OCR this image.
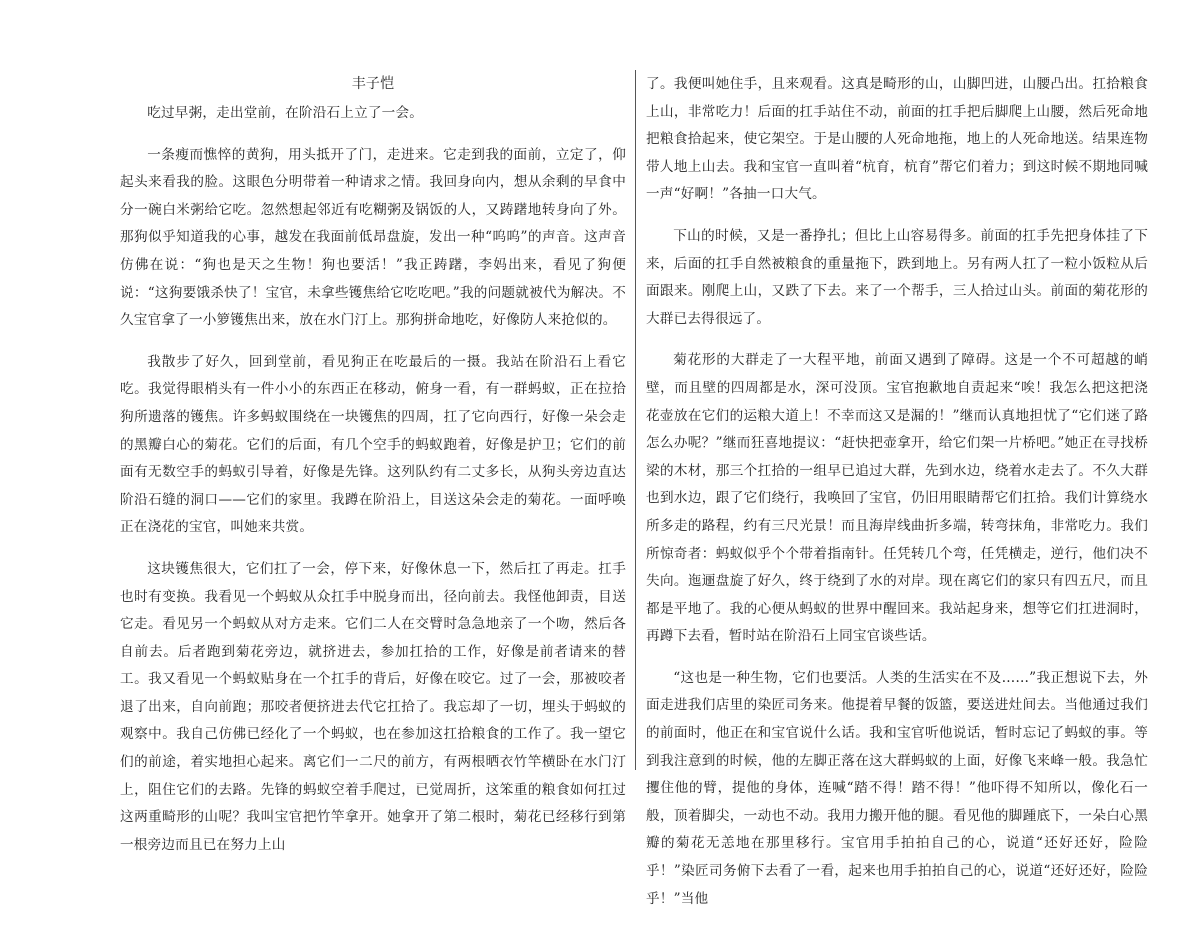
丰子恺

吃过早粥，走出堂前，在阶沿石上立了一会。

一条瘦而憔悴的黄狗，用头抵开了门，走进来。它走到我的面前，立定了，仰起头来看我的脸。这眼色分明带着一种请求之情。我回身向内，想从余剩的早食中分一碗白米粥给它吃。忽然想起邻近有吃糊粥及锅饭的人，又踌躇地转身向了外。那狗似乎知道我的心事，越发在我面前低昂盘旋，发出一种“呜呜”的声音。这声音仿佛在说：“狗也是天之生物！狗也要活！”我正踌躇，李妈出来，看见了狗便说：“这狗要饿杀快了！宝官，未拿些镬焦给它吃吃吧。”我的问题就被代为解决。不久宝官拿了一小箩镬焦出来，放在水门汀上。那狗拼命地吃，好像防人来抢似的。

我散步了好久，回到堂前，看见狗正在吃最后的一摄。我站在阶沿石上看它吃。我觉得眼梢头有一件小小的东西正在移动，俯身一看，有一群蚂蚁，正在拉拾狗所遗落的镬焦。许多蚂蚁围绕在一块镬焦的四周，扛了它向西行，好像一朵会走的黑瓣白心的菊花。它们的后面，有几个空手的蚂蚁跑着，好像是护卫；它们的前面有无数空手的蚂蚁引导着，好像是先锋。这列队约有二丈多长，从狗头旁边直达阶沿石缝的洞口——它们的家里。我蹲在阶沿上，目送这朵会走的菊花。一面呼唤正在浇花的宝官，叫她来共赏。

这块镬焦很大，它们扛了一会，停下来，好像休息一下，然后扛了再走。扛手也时有变换。我看见一个蚂蚁从众扛手中脱身而出，径向前去。我怪他卸责，目送它走。看见另一个蚂蚁从对方走来。它们二人在交臂时急急地亲了一个吻，然后各自前去。后者跑到菊花旁边，就挤进去，参加扛拾的工作，好像是前者请来的替工。我又看见一个蚂蚁贴身在一个扛手的背后，好像在咬它。过了一会，那被咬者退了出来，自向前跑；那咬者便挤进去代它扛拾了。我忘却了一切，埋头于蚂蚁的观察中。我自己仿佛已经化了一个蚂蚁，也在参加这扛拾粮食的工作了。我一望它们的前途，着实地担心起来。离它们一二尺的前方，有两根晒衣竹竿横卧在水门汀上，阻住它们的去路。先锋的蚂蚁空着手爬过，已觉周折，这笨重的粮食如何扛过这两重畸形的山呢？我叫宝官把竹竿拿开。她拿开了第二根时，菊花已经移行到第一根旁边而且已在努力上山

了。我便叫她住手，且来观看。这真是畸形的山，山脚凹进，山腰凸出。扛拾粮食上山，非常吃力！后面的扛手站住不动，前面的扛手把后脚爬上山腰，然后死命地把粮食拾起来，使它架空。于是山腰的人死命地拖，地上的人死命地送。结果连物带人地上山去。我和宝官一直叫着“杭育，杭育”帮它们着力；到这时候不期地同喊一声“好啊！”各抽一口大气。

下山的时候，又是一番挣扎；但比上山容易得多。前面的扛手先把身体挂了下来，后面的扛手自然被粮食的重量拖下，跌到地上。另有两人扛了一粒小饭粒从后面跟来。刚爬上山，又跌了下去。来了一个帮手，三人拾过山头。前面的菊花形的大群已去得很远了。

菊花形的大群走了一大程平地，前面又遇到了障碍。这是一个不可超越的峭壁，而且壁的四周都是水，深可没顶。宝官抱歉地自责起来“唉！我怎么把这把浇花壶放在它们的运粮大道上！不幸而这又是漏的！”继而认真地担忧了“它们迷了路怎么办呢？”继而狂喜地提议：“赶快把壶拿开，给它们架一片桥吧。”她正在寻找桥梁的木材，那三个扛拾的一组早已追过大群，先到水边，绕着水走去了。不久大群也到水边，跟了它们绕行，我唤回了宝官，仍旧用眼睛帮它们扛拾。我们计算绕水所多走的路程，约有三尺光景！而且海岸线曲折多端，转弯抹角，非常吃力。我们所惊奇者：蚂蚁似乎个个带着指南针。任凭转几个弯，任凭横走，逆行，他们决不失向。迤逦盘旋了好久，终于绕到了水的对岸。现在离它们的家只有四五尺，而且都是平地了。我的心便从蚂蚁的世界中醒回来。我站起身来，想等它们扛进洞时，再蹲下去看，暂时站在阶沿石上同宝官谈些话。

“这也是一种生物，它们也要活。人类的生活实在不及……”我正想说下去，外面走进我们店里的染匠司务来。他提着早餐的饭篮，要送进灶间去。当他通过我们的前面时，他正在和宝官说什么话。我和宝官听他说话，暂时忘记了蚂蚁的事。等到我注意到的时候，他的左脚正落在这大群蚂蚁的上面，好像飞来峰一般。我急忙攫住他的臂，提他的身体，连喊“踏不得！踏不得！”他吓得不知所以，像化石一般，顶着脚尖，一动也不动。我用力搬开他的腿。看见他的脚踵底下，一朵白心黑瓣的菊花无恙地在那里移行。宝官用手拍拍自己的心，说道“还好还好，险险乎！”染匠司务俯下去看了一看，起来也用手拍拍自己的心，说道“还好还好，险险乎！”当他
